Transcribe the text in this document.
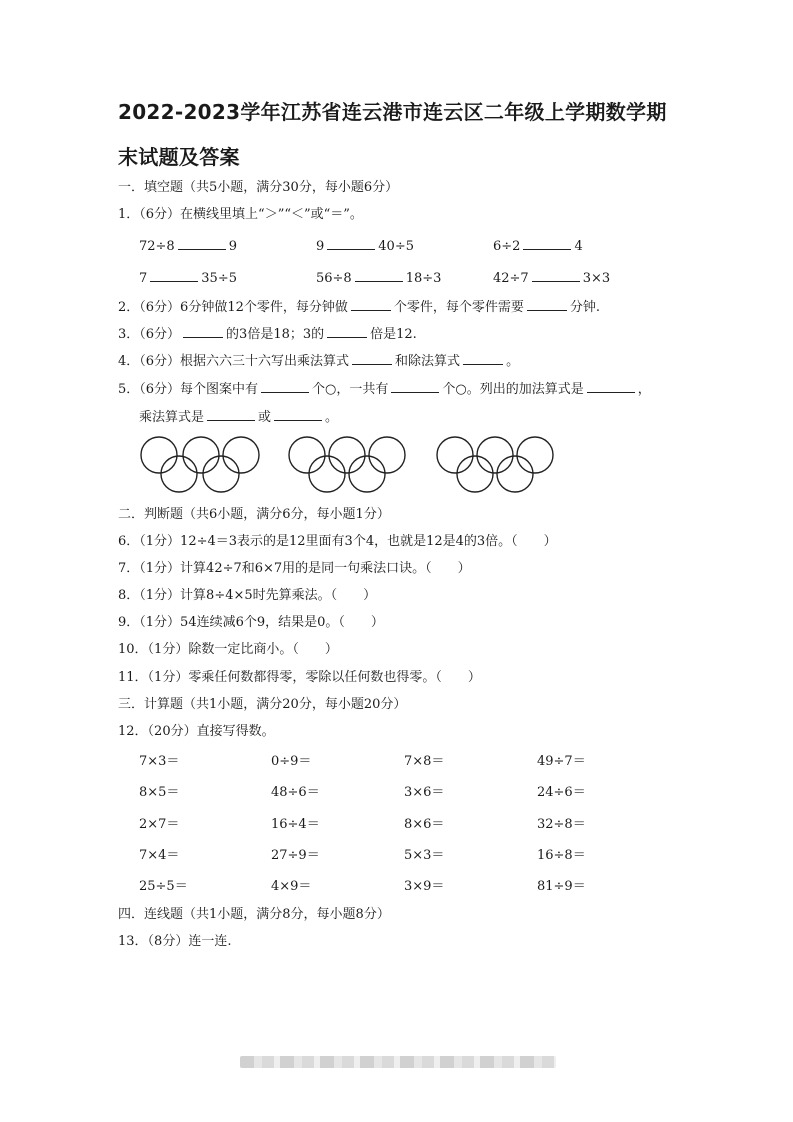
2022-2023学年江苏省连云港市连云区二年级上学期数学期
末试题及答案
一．填空题（共5小题，满分30分，每小题6分）
1．（6分）在横线里填上“＞”“＜”或“＝”。
72÷8	9	9	40÷5	6÷2	4
7	35÷5	56÷8	18÷3	42÷7	3×3
2．（6分）6分钟做12个零件，每分钟做	个零件，每个零件需要	分钟.
3．（6分）	的3倍是18；3的	倍是12.
4．（6分）根据六六三十六写出乘法算式	和除法算式	。
5．（6分）每个图案中有	个○，一共有	个○。列出的加法算式是	，
乘法算式是	或	。
二．判断题（共6小题，满分6分，每小题1分）
6．（1分）12÷4＝3表示的是12里面有3个4，也就是12是4的3倍。（　　）
7．（1分）计算42÷7和6×7用的是同一句乘法口诀。（　　）
8．（1分）计算8÷4×5时先算乘法。（　　）
9．（1分）54连续减6个9，结果是0。（　　）
10．（1分）除数一定比商小。（　　）
11．（1分）零乘任何数都得零，零除以任何数也得零。（　　）
三．计算题（共1小题，满分20分，每小题20分）
12．（20分）直接写得数。
7×3＝	0÷9＝	7×8＝	49÷7＝
8×5＝	48÷6＝	3×6＝	24÷6＝
2×7＝	16÷4＝	8×6＝	32÷8＝
7×4＝	27÷9＝	5×3＝	16÷8＝
25÷5＝	4×9＝	3×9＝	81÷9＝
四．连线题（共1小题，满分8分，每小题8分）
13．（8分）连一连.
